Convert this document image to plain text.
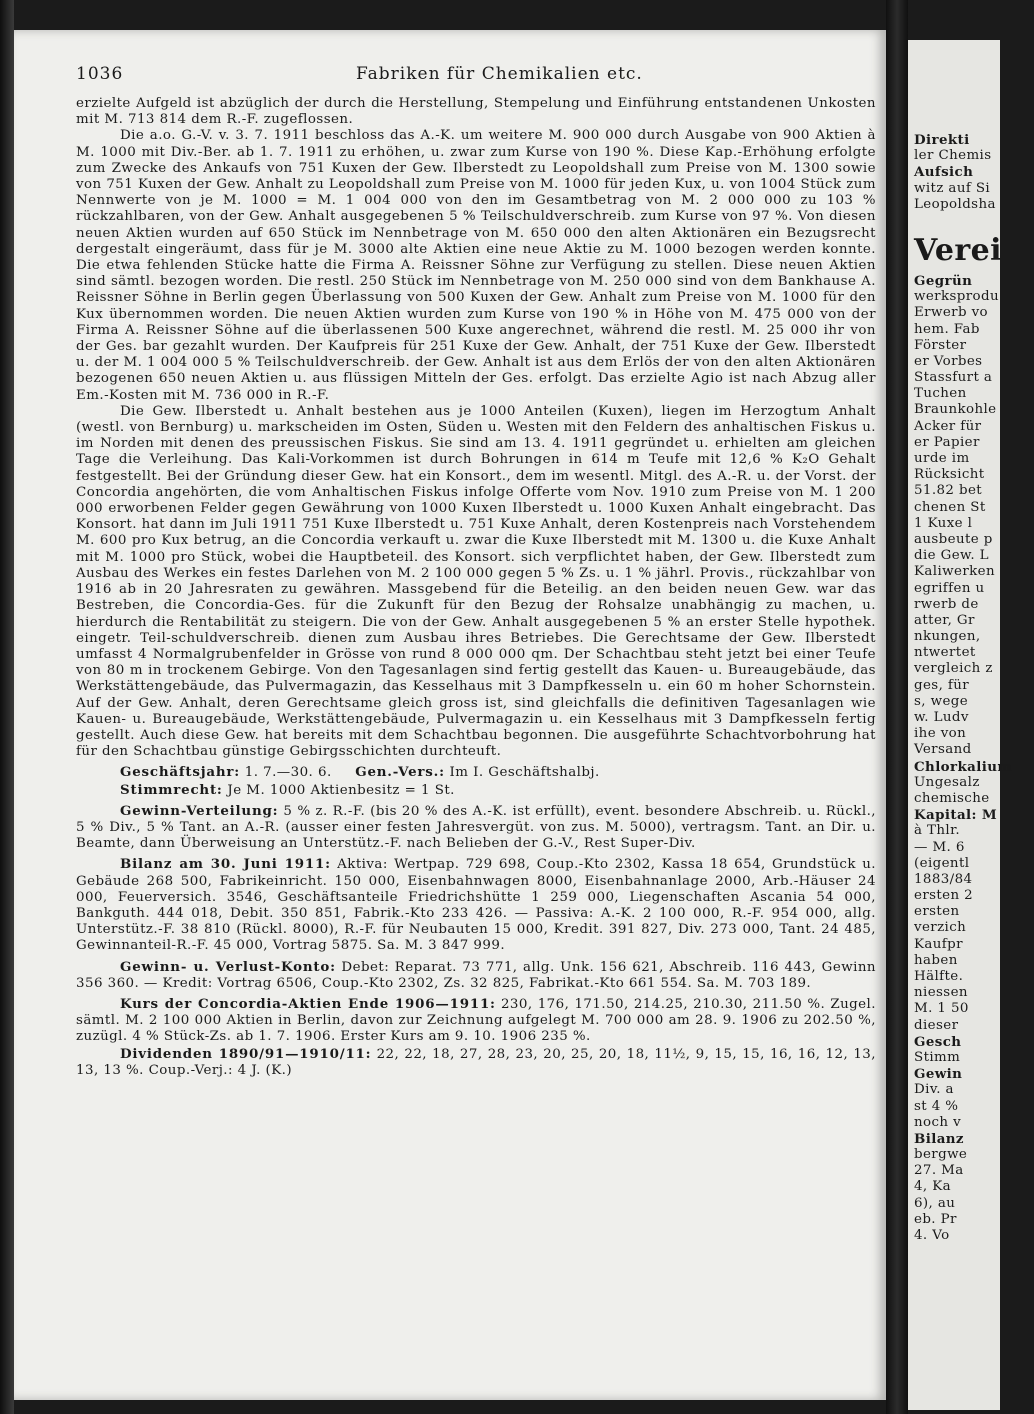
1036	Fabriken für Chemikalien etc.

erzielte Aufgeld ist abzüglich der durch die Herstellung, Stempelung und Einführung entstandenen Unkosten mit M. 713 814 dem R.-F. zugeflossen.

Die a.o. G.-V. v. 3. 7. 1911 beschloss das A.-K. um weitere M. 900 000 durch Ausgabe von 900 Aktien à M. 1000 mit Div.-Ber. ab 1. 7. 1911 zu erhöhen, u. zwar zum Kurse von 190 %. Diese Kap.-Erhöhung erfolgte zum Zwecke des Ankaufs von 751 Kuxen der Gew. Ilberstedt zu Leopoldshall zum Preise von M. 1300 sowie von 751 Kuxen der Gew. Anhalt zu Leopoldshall zum Preise von M. 1000 für jeden Kux, u. von 1004 Stück zum Nennwerte von je M. 1000 = M. 1 004 000 von den im Gesamtbetrag von M. 2 000 000 zu 103 % rückzahlbaren, von der Gew. Anhalt ausgegebenen 5 % Teilschuldverschreib. zum Kurse von 97 %. Von diesen neuen Aktien wurden auf 650 Stück im Nennbetrage von M. 650 000 den alten Aktionären ein Bezugsrecht dergestalt eingeräumt, dass für je M. 3000 alte Aktien eine neue Aktie zu M. 1000 bezogen werden konnte. Die etwa fehlenden Stücke hatte die Firma A. Reissner Söhne zur Verfügung zu stellen. Diese neuen Aktien sind sämtl. bezogen worden. Die restl. 250 Stück im Nennbetrage von M. 250 000 sind von dem Bankhause A. Reissner Söhne in Berlin gegen Überlassung von 500 Kuxen der Gew. Anhalt zum Preise von M. 1000 für den Kux übernommen worden. Die neuen Aktien wurden zum Kurse von 190 % in Höhe von M. 475 000 von der Firma A. Reissner Söhne auf die überlassenen 500 Kuxe angerechnet, während die restl. M. 25 000 ihr von der Ges. bar gezahlt wurden. Der Kaufpreis für 251 Kuxe der Gew. Anhalt, der 751 Kuxe der Gew. Ilberstedt u. der M. 1 004 000 5 % Teilschuldverschreib. der Gew. Anhalt ist aus dem Erlös der von den alten Aktionären bezogenen 650 neuen Aktien u. aus flüssigen Mitteln der Ges. erfolgt. Das erzielte Agio ist nach Abzug aller Em.-Kosten mit M. 736 000 in R.-F.

Die Gew. Ilberstedt u. Anhalt bestehen aus je 1000 Anteilen (Kuxen), liegen im Herzogtum Anhalt (westl. von Bernburg) u. markscheiden im Osten, Süden u. Westen mit den Feldern des anhaltischen Fiskus u. im Norden mit denen des preussischen Fiskus. Sie sind am 13. 4. 1911 gegründet u. erhielten am gleichen Tage die Verleihung. Das Kali-Vorkommen ist durch Bohrungen in 614 m Teufe mit 12,6 % K₂O Gehalt festgestellt. Bei der Gründung dieser Gew. hat ein Konsort., dem im wesentl. Mitgl. des A.-R. u. der Vorst. der Concordia angehörten, die vom Anhaltischen Fiskus infolge Offerte vom Nov. 1910 zum Preise von M. 1 200 000 erworbenen Felder gegen Gewährung von 1000 Kuxen Ilberstedt u. 1000 Kuxen Anhalt eingebracht. Das Konsort. hat dann im Juli 1911 751 Kuxe Ilberstedt u. 751 Kuxe Anhalt, deren Kostenpreis nach Vorstehendem M. 600 pro Kux betrug, an die Concordia verkauft u. zwar die Kuxe Ilberstedt mit M. 1300 u. die Kuxe Anhalt mit M. 1000 pro Stück, wobei die Hauptbeteil. des Konsort. sich verpflichtet haben, der Gew. Ilberstedt zum Ausbau des Werkes ein festes Darlehen von M. 2 100 000 gegen 5 % Zs. u. 1 % jährl. Provis., rückzahlbar von 1916 ab in 20 Jahresraten zu gewähren. Massgebend für die Beteilig. an den beiden neuen Gew. war das Bestreben, die Concordia-Ges. für die Zukunft für den Bezug der Rohsalze unabhängig zu machen, u. hierdurch die Rentabilität zu steigern. Die von der Gew. Anhalt ausgegebenen 5 % an erster Stelle hypothek. eingetr. Teil-schuldverschreib. dienen zum Ausbau ihres Betriebes. Die Gerechtsame der Gew. Ilberstedt umfasst 4 Normalgrubenfelder in Grösse von rund 8 000 000 qm. Der Schachtbau steht jetzt bei einer Teufe von 80 m in trockenem Gebirge. Von den Tagesanlagen sind fertig gestellt das Kauen- u. Bureaugebäude, das Werkstättengebäude, das Pulvermagazin, das Kesselhaus mit 3 Dampfkesseln u. ein 60 m hoher Schornstein. Auf der Gew. Anhalt, deren Gerechtsame gleich gross ist, sind gleichfalls die definitiven Tagesanlagen wie Kauen- u. Bureaugebäude, Werkstättengebäude, Pulvermagazin u. ein Kesselhaus mit 3 Dampfkesseln fertig gestellt. Auch diese Gew. hat bereits mit dem Schachtbau begonnen. Die ausgeführte Schachtvorbohrung hat für den Schachtbau günstige Gebirgsschichten durchteuft.

Geschäftsjahr: 1. 7.—30. 6. Gen.-Vers.: Im I. Geschäftshalbj.

Stimmrecht: Je M. 1000 Aktienbesitz = 1 St.

Gewinn-Verteilung: 5 % z. R.-F. (bis 20 % des A.-K. ist erfüllt), event. besondere Abschreib. u. Rückl., 5 % Div., 5 % Tant. an A.-R. (ausser einer festen Jahresvergüt. von zus. M. 5000), vertragsm. Tant. an Dir. u. Beamte, dann Überweisung an Unterstütz.-F. nach Belieben der G.-V., Rest Super-Div.

Bilanz am 30. Juni 1911: Aktiva: Wertpap. 729 698, Coup.-Kto 2302, Kassa 18 654, Grundstück u. Gebäude 268 500, Fabrikeinricht. 150 000, Eisenbahnwagen 8000, Eisenbahnanlage 2000, Arb.-Häuser 24 000, Feuerversich. 3546, Geschäftsanteile Friedrichshütte 1 259 000, Liegenschaften Ascania 54 000, Bankguth. 444 018, Debit. 350 851, Fabrik.-Kto 233 426. — Passiva: A.-K. 2 100 000, R.-F. 954 000, allg. Unterstütz.-F. 38 810 (Rückl. 8000), R.-F. für Neubauten 15 000, Kredit. 391 827, Div. 273 000, Tant. 24 485, Gewinnanteil-R.-F. 45 000, Vortrag 5875. Sa. M. 3 847 999.

Gewinn- u. Verlust-Konto: Debet: Reparat. 73 771, allg. Unk. 156 621, Abschreib. 116 443, Gewinn 356 360. — Kredit: Vortrag 6506, Coup.-Kto 2302, Zs. 32 825, Fabrikat.-Kto 661 554. Sa. M. 703 189.

Kurs der Concordia-Aktien Ende 1906—1911: 230, 176, 171.50, 214.25, 210.30, 211.50 %. Zugel. sämtl. M. 2 100 000 Aktien in Berlin, davon zur Zeichnung aufgelegt M. 700 000 am 28. 9. 1906 zu 202.50 %, zuzügl. 4 % Stück-Zs. ab 1. 7. 1906. Erster Kurs am 9. 10. 1906 235 %.

Dividenden 1890/91—1910/11: 22, 22, 18, 27, 28, 23, 20, 25, 20, 18, 11½, 9, 15, 15, 16, 16, 12, 13, 13, 13 %. Coup.-Verj.: 4 J. (K.)

Direkti
ler Chemis
Aufsich
witz auf Si
Leopoldsha
Verei
Gegrün
werksprodu
Erwerb vo
hem. Fab
Förster
er Vorbes
Stassfurt a
Tuchen
Braunkohle
Acker für
er Papier
urde im
Rücksicht
51.82 bet
chenen St
1 Kuxe l
ausbeute p
die Gew. L
Kaliwerken
egriffen u
rwerb de
atter, Gr
nkungen,
ntwertet
vergleich z
ges, für
s, wege
w. Ludv
ihe von
Versand
Chlorkalium
Ungesalz
chemische
Kapital: M
à Thlr.
— M. 6
(eigentl
1883/84
ersten 2
ersten
verzich
Kaufpr
haben
Hälfte.
niessen
M. 1 50
dieser
Gesch
Stimm
Gewin
Div. a
st 4 %
noch v
Bilanz
bergwe
27. Ma
4, Ka
6), au
eb. Pr
4. Vo
